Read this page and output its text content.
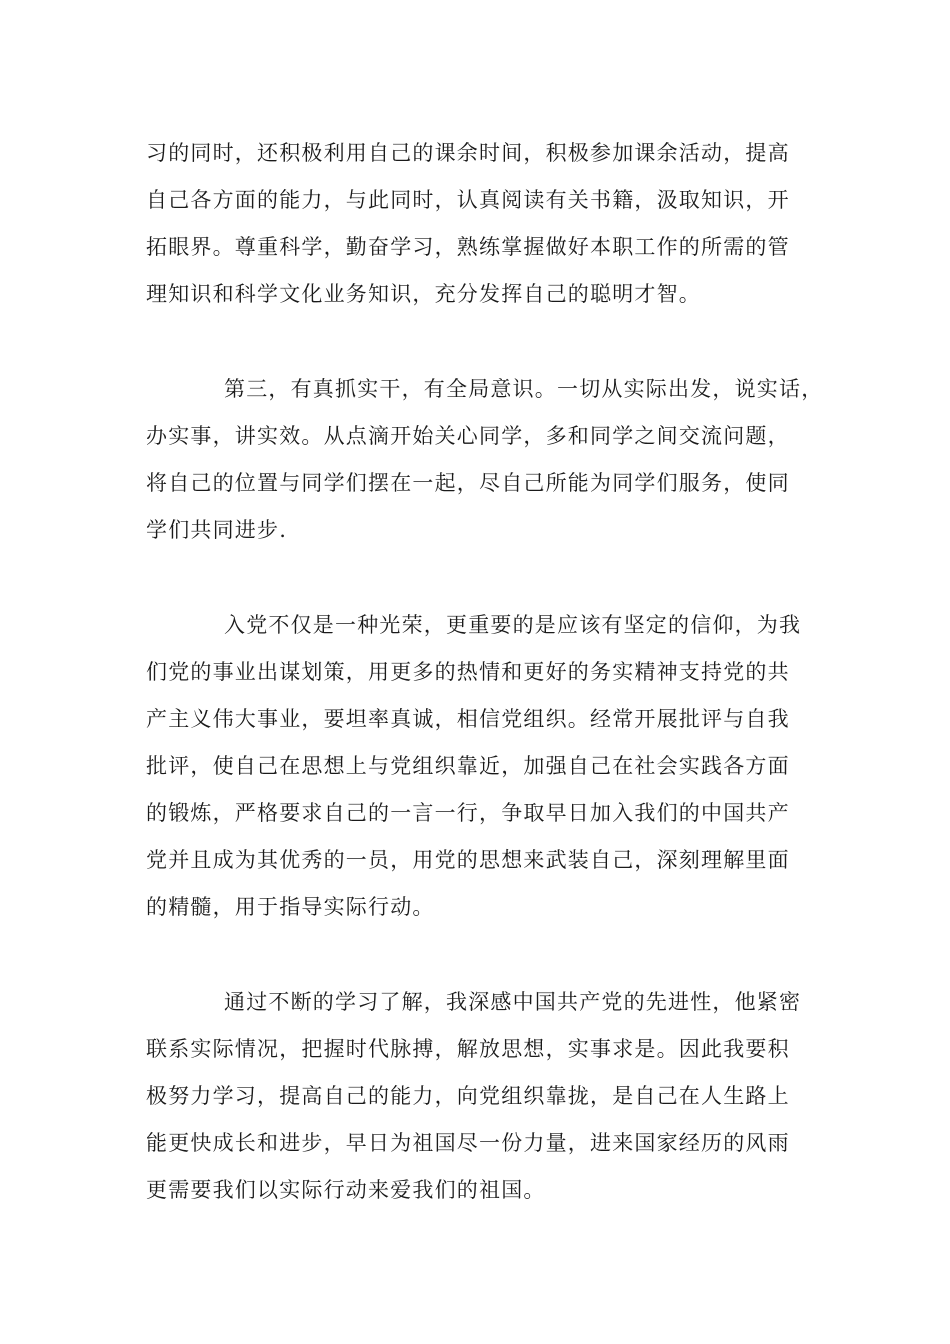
习的同时，还积极利用自己的课余时间，积极参加课余活动，提高
自己各方面的能力，与此同时，认真阅读有关书籍，汲取知识，开
拓眼界。尊重科学，勤奋学习，熟练掌握做好本职工作的所需的管
理知识和科学文化业务知识，充分发挥自己的聪明才智。
第三，有真抓实干，有全局意识。一切从实际出发，说实话，
办实事，讲实效。从点滴开始关心同学，多和同学之间交流问题，
将自己的位置与同学们摆在一起，尽自己所能为同学们服务，使同
学们共同进步.
入党不仅是一种光荣，更重要的是应该有坚定的信仰，为我
们党的事业出谋划策，用更多的热情和更好的务实精神支持党的共
产主义伟大事业，要坦率真诚，相信党组织。经常开展批评与自我
批评，使自己在思想上与党组织靠近，加强自己在社会实践各方面
的锻炼，严格要求自己的一言一行，争取早日加入我们的中国共产
党并且成为其优秀的一员，用党的思想来武装自己，深刻理解里面
的精髓，用于指导实际行动。
通过不断的学习了解，我深感中国共产党的先进性，他紧密
联系实际情况，把握时代脉搏，解放思想，实事求是。因此我要积
极努力学习，提高自己的能力，向党组织靠拢，是自己在人生路上
能更快成长和进步，早日为祖国尽一份力量，进来国家经历的风雨
更需要我们以实际行动来爱我们的祖国。
